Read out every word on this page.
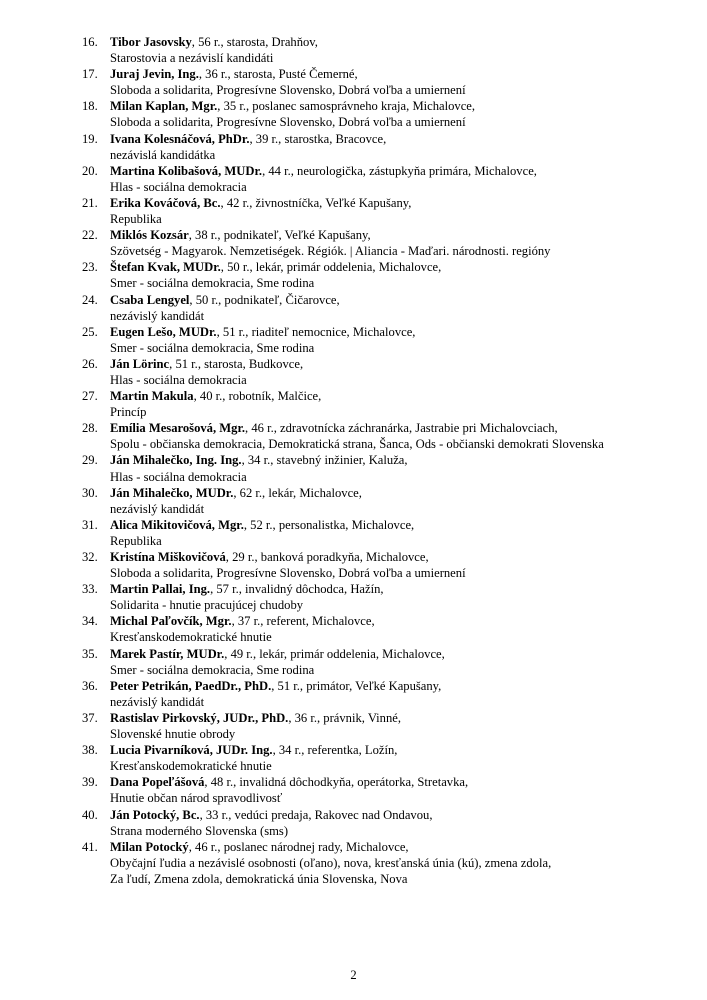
16. Tibor Jasovsky, 56 r., starosta, Drahňov,
Starostovia a nezávislí kandidáti
17. Juraj Jevin, Ing., 36 r., starosta, Pusté Čemerné,
Sloboda a solidarita, Progresívne Slovensko, Dobrá voľba a umiernení
18. Milan Kaplan, Mgr., 35 r., poslanec samosprávneho kraja, Michalovce,
Sloboda a solidarita, Progresívne Slovensko, Dobrá voľba a umiernení
19. Ivana Kolesnáčová, PhDr., 39 r., starostka, Bracovce,
nezávislá kandidátka
20. Martina Kolibašová, MUDr., 44 r., neurologička, zástupkyňa primára, Michalovce,
Hlas - sociálna demokracia
21. Erika Kováčová, Bc., 42 r., živnostníčka, Veľké Kapušany,
Republika
22. Miklós Kozsár, 38 r., podnikateľ, Veľké Kapušany,
Szövetség - Magyarok. Nemzetiségek. Régiók. | Aliancia - Maďari. národnosti. regióny
23. Štefan Kvak, MUDr., 50 r., lekár, primár oddelenia, Michalovce,
Smer - sociálna demokracia, Sme rodina
24. Csaba Lengyel, 50 r., podnikateľ, Čičarovce,
nezávislý kandidát
25. Eugen Lešo, MUDr., 51 r., riaditeľ nemocnice, Michalovce,
Smer - sociálna demokracia, Sme rodina
26. Ján Lörinc, 51 r., starosta, Budkovce,
Hlas - sociálna demokracia
27. Martin Makula, 40 r., robotník, Malčice,
Princíp
28. Emília Mesarošová, Mgr., 46 r., zdravotnícka záchranárka, Jastrabie pri Michalovciach,
Spolu - občianska demokracia, Demokratická strana, Šanca, Ods - občianski demokrati Slovenska
29. Ján Mihalečko, Ing. Ing., 34 r., stavebný inžinier, Kaluža,
Hlas - sociálna demokracia
30. Ján Mihalečko, MUDr., 62 r., lekár, Michalovce,
nezávislý kandidát
31. Alica Mikitovičová, Mgr., 52 r., personalistka, Michalovce,
Republika
32. Kristína Miškovičová, 29 r., banková poradkyňa, Michalovce,
Sloboda a solidarita, Progresívne Slovensko, Dobrá voľba a umiernení
33. Martin Pallai, Ing., 57 r., invalidný dôchodca, Hažín,
Solidarita - hnutie pracujúcej chudoby
34. Michal Paľovčík, Mgr., 37 r., referent, Michalovce,
Kresťanskodemokratické hnutie
35. Marek Pastír, MUDr., 49 r., lekár, primár oddelenia, Michalovce,
Smer - sociálna demokracia, Sme rodina
36. Peter Petrikán, PaedDr., PhD., 51 r., primátor, Veľké Kapušany,
nezávislý kandidát
37. Rastislav Pirkovský, JUDr., PhD., 36 r., právnik, Vinné,
Slovenské hnutie obrody
38. Lucia Pivarníková, JUDr. Ing., 34 r., referentka, Ložín,
Kresťanskodemokratické hnutie
39. Dana Popeľášová, 48 r., invalidná dôchodkyňa, operátorka, Stretavka,
Hnutie občan národ spravodlivosť
40. Ján Potocký, Bc., 33 r., vedúci predaja, Rakovec nad Ondavou,
Strana moderného Slovenska (sms)
41. Milan Potocký, 46 r., poslanec národnej rady, Michalovce,
Obyčajní ľudia a nezávislé osobnosti (oľano), nova, kresťanská únia (kú), zmena zdola,
Za ľudí, Zmena zdola, demokratická únia Slovenska, Nova
2
